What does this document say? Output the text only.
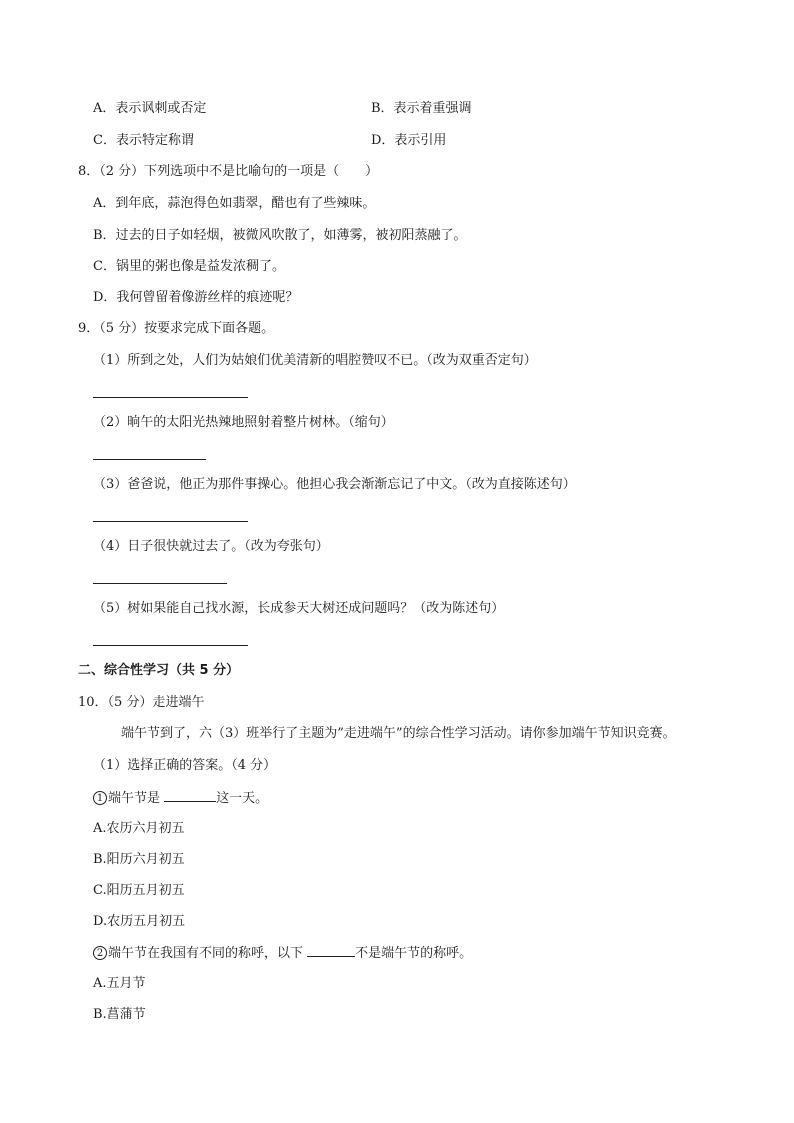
A．表示讽刺或否定	B．表示着重强调
C．表示特定称谓	D．表示引用
8．（2 分）下列选项中不是比喻句的一项是（　　）
A．到年底，蒜泡得色如翡翠，醋也有了些辣味。
B．过去的日子如轻烟，被微风吹散了，如薄雾，被初阳蒸融了。
C．锅里的粥也像是益发浓稠了。
D．我何曾留着像游丝样的痕迹呢？
9．（5 分）按要求完成下面各题。
（1）所到之处，人们为姑娘们优美清新的唱腔赞叹不已。（改为双重否定句）
（2）晌午的太阳光热辣地照射着整片树林。（缩句）
（3）爸爸说，他正为那件事操心。他担心我会渐渐忘记了中文。（改为直接陈述句）
（4）日子很快就过去了。（改为夸张句）
（5）树如果能自己找水源，长成参天大树还成问题吗？（改为陈述句）
二、综合性学习（共 5 分）
10．（5 分）走进端午
端午节到了，六（3）班举行了主题为”走进端午”的综合性学习活动。请你参加端午节知识竞赛。
（1）选择正确的答案。（4 分）
1 端午节是	这一天。
A.农历六月初五
B.阳历六月初五
C.阳历五月初五
D.农历五月初五
2 端午节在我国有不同的称呼，以下	不是端午节的称呼。
A.五月节
B.菖蒲节
